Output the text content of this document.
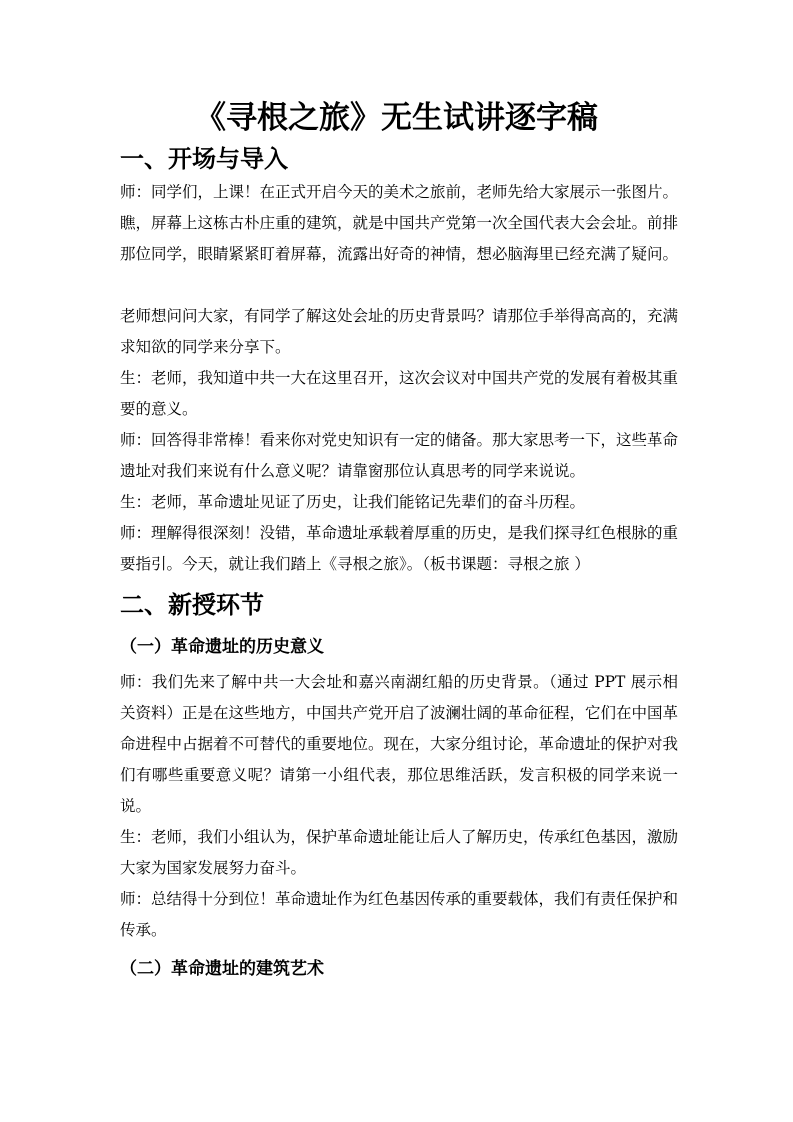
《寻根之旅》无生试讲逐字稿
一、开场与导入

师：同学们，上课！在正式开启今天的美术之旅前，老师先给大家展示一张图片。瞧，屏幕上这栋古朴庄重的建筑，就是中国共产党第一次全国代表大会会址。前排那位同学，眼睛紧紧盯着屏幕，流露出好奇的神情，想必脑海里已经充满了疑问。

老师想问问大家，有同学了解这处会址的历史背景吗？请那位手举得高高的，充满求知欲的同学来分享下。

生：老师，我知道中共一大在这里召开，这次会议对中国共产党的发展有着极其重要的意义。

师：回答得非常棒！看来你对党史知识有一定的储备。那大家思考一下，这些革命遗址对我们来说有什么意义呢？请靠窗那位认真思考的同学来说说。

生：老师，革命遗址见证了历史，让我们能铭记先辈们的奋斗历程。

师：理解得很深刻！没错，革命遗址承载着厚重的历史，是我们探寻红色根脉的重要指引。今天，就让我们踏上《寻根之旅》。（板书课题：寻根之旅 ）

二、新授环节
（一）革命遗址的历史意义

师：我们先来了解中共一大会址和嘉兴南湖红船的历史背景。（通过 PPT 展示相关资料）正是在这些地方，中国共产党开启了波澜壮阔的革命征程，它们在中国革命进程中占据着不可替代的重要地位。现在，大家分组讨论，革命遗址的保护对我们有哪些重要意义呢？请第一小组代表，那位思维活跃，发言积极的同学来说一说。

生：老师，我们小组认为，保护革命遗址能让后人了解历史，传承红色基因，激励大家为国家发展努力奋斗。

师：总结得十分到位！革命遗址作为红色基因传承的重要载体，我们有责任保护和传承。

（二）革命遗址的建筑艺术
